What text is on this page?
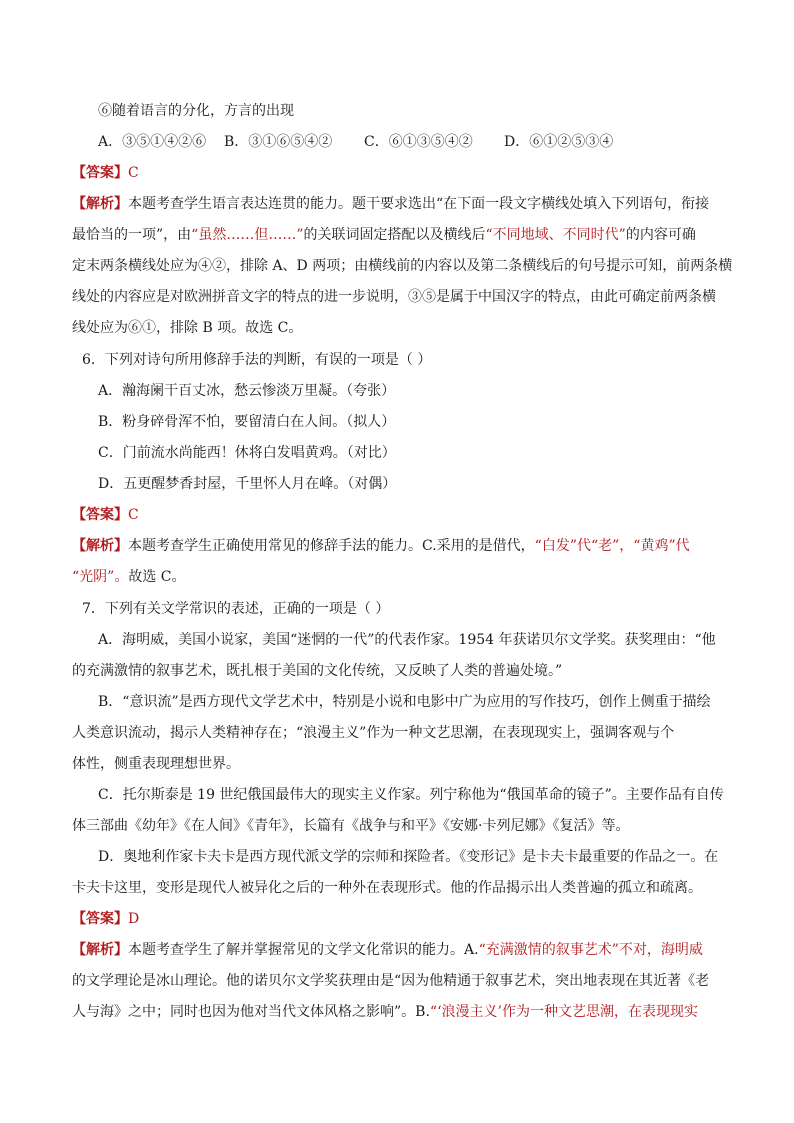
⑥随着语言的分化，方言的出现
A．③⑤①④②⑥ B．③①⑥⑤④② C．⑥①③⑤④② D．⑥①②⑤③④
【答案】C
【解析】本题考查学生语言表达连贯的能力。题干要求选出“在下面一段文字横线处填入下列语句，衔接
最恰当的一项”，由“虽然……但……”的关联词固定搭配以及横线后“不同地域、不同时代”的内容可确
定末两条横线处应为④②，排除 A、D 两项；由横线前的内容以及第二条横线后的句号提示可知，前两条横
线处的内容应是对欧洲拼音文字的特点的进一步说明，③⑤是属于中国汉字的特点，由此可确定前两条横
线处应为⑥①，排除 B 项。故选 C。
6．下列对诗句所用修辞手法的判断，有误的一项是（ ）
A．瀚海阑干百丈冰，愁云惨淡万里凝。（夸张）
B．粉身碎骨浑不怕，要留清白在人间。（拟人）
C．门前流水尚能西！休将白发唱黄鸡。（对比）
D．五更醒梦香封屋，千里怀人月在峰。（对偶）
【答案】C
【解析】本题考查学生正确使用常见的修辞手法的能力。C.采用的是借代，“白发”代“老”，“黄鸡”代
“光阴”。故选 C。
7．下列有关文学常识的表述，正确的一项是（ ）
A．海明威，美国小说家，美国“迷惘的一代”的代表作家。1954 年获诺贝尔文学奖。获奖理由：“他
的充满激情的叙事艺术，既扎根于美国的文化传统，又反映了人类的普遍处境。”
B．“意识流”是西方现代文学艺术中，特别是小说和电影中广为应用的写作技巧，创作上侧重于描绘
人类意识流动，揭示人类精神存在；“浪漫主义”作为一种文艺思潮，在表现现实上，强调客观与个
体性，侧重表现理想世界。
C．托尔斯泰是 19 世纪俄国最伟大的现实主义作家。列宁称他为“俄国革命的镜子”。主要作品有自传
体三部曲《幼年》《在人间》《青年》，长篇有《战争与和平》《安娜·卡列尼娜》《复活》等。
D．奥地利作家卡夫卡是西方现代派文学的宗师和探险者。《变形记》是卡夫卡最重要的作品之一。在
卡夫卡这里，变形是现代人被异化之后的一种外在表现形式。他的作品揭示出人类普遍的孤立和疏离。
【答案】D
【解析】本题考查学生了解并掌握常见的文学文化常识的能力。A.“充满激情的叙事艺术”不对，海明威
的文学理论是冰山理论。他的诺贝尔文学奖获理由是“因为他精通于叙事艺术，突出地表现在其近著《老
人与海》之中；同时也因为他对当代文体风格之影响”。B.“‘浪漫主义’作为一种文艺思潮，在表现现实
